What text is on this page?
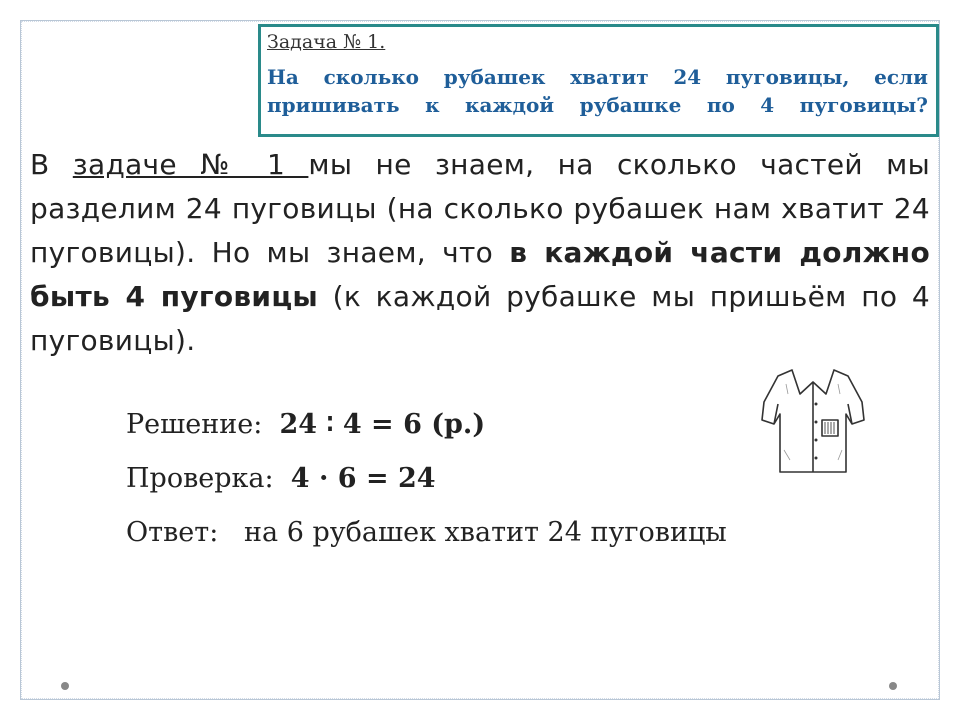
Задача № 1.

На сколько рубашек хватит 24 пуговицы, если

пришивать к каждой рубашке по 4 пуговицы?

В задаче № 1 мы не знаем, на сколько частей мы разделим 24 пуговицы (на сколько рубашек нам хватит 24 пуговицы). Но мы знаем, что в каждой части должно быть 4 пуговицы (к каждой рубашке мы пришьём по 4 пуговицы).

Решение: 24 ∶ 4 = 6 (р.)
Проверка: 4 · 6 = 24
Ответ: на 6 рубашек хватит 24 пуговицы
